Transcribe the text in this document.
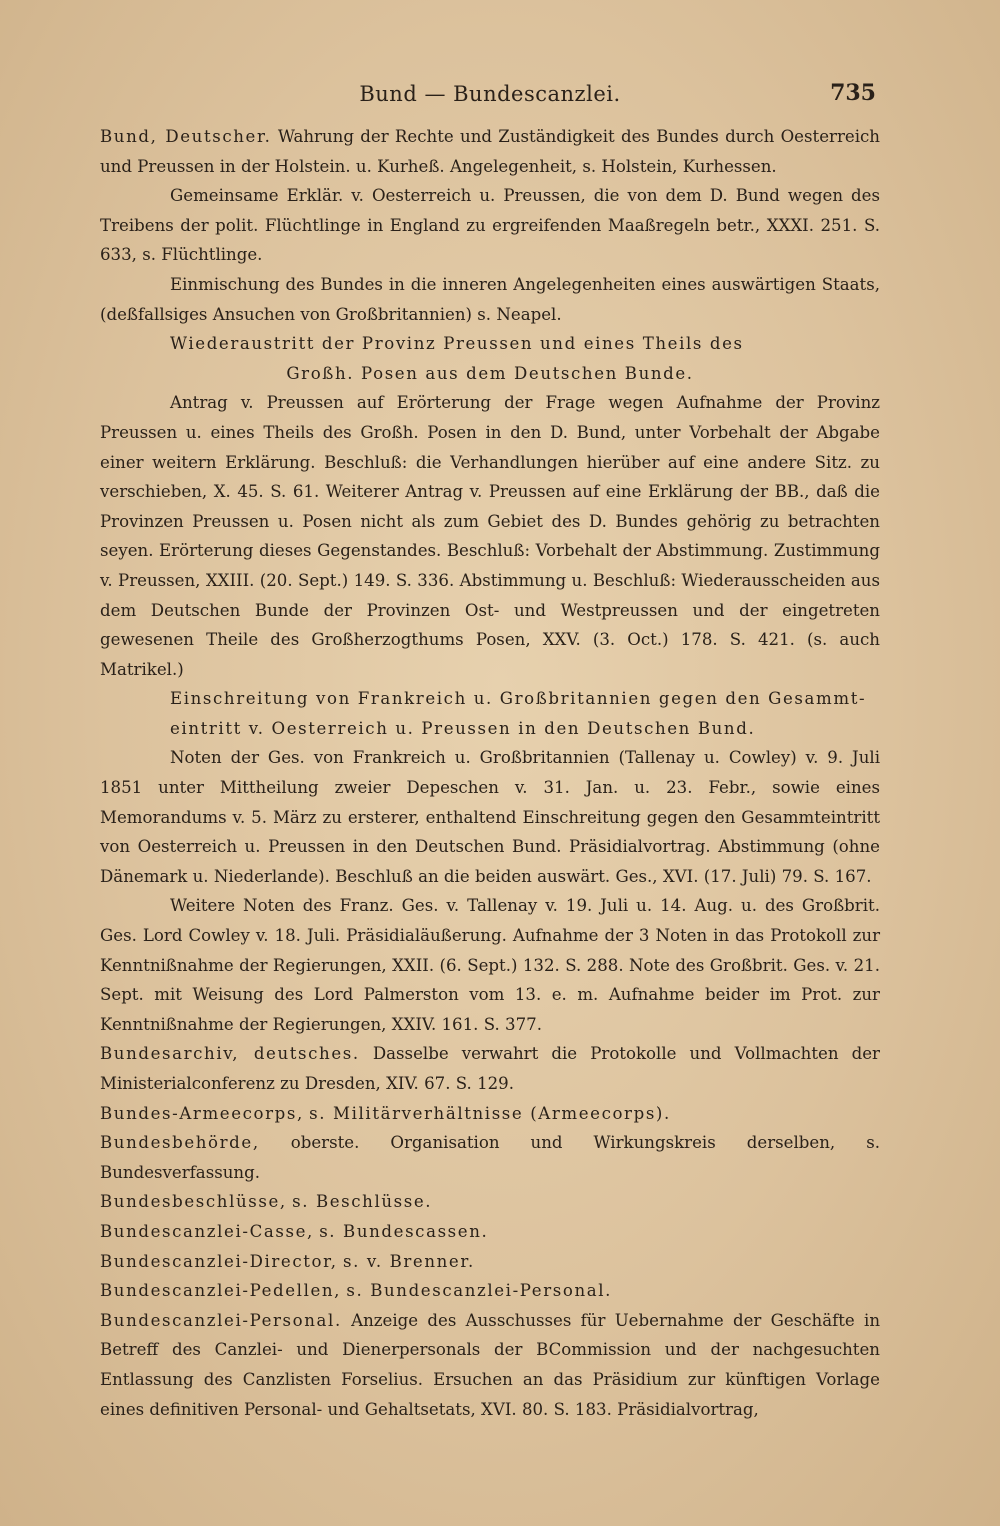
Bund — Bundescanzlei.	735
Bund, Deutscher. Wahrung der Rechte und Zuständigkeit des Bundes durch Oesterreich und Preussen in der Holstein. u. Kurheß. Angelegenheit, s. Holstein, Kurhessen.
Gemeinsame Erklär. v. Oesterreich u. Preussen, die von dem D. Bund wegen des Treibens der polit. Flüchtlinge in England zu ergreifenden Maaßregeln betr., XXXI. 251. S. 633, s. Flüchtlinge.
Einmischung des Bundes in die inneren Angelegenheiten eines auswärtigen Staats, (deßfallsiges Ansuchen von Großbritannien) s. Neapel.
Wiederaustritt der Provinz Preussen und eines Theils des
Großh. Posen aus dem Deutschen Bunde.
Antrag v. Preussen auf Erörterung der Frage wegen Aufnahme der Provinz Preussen u. eines Theils des Großh. Posen in den D. Bund, unter Vorbehalt der Abgabe einer weitern Erklärung. Beschluß: die Verhandlungen hierüber auf eine andere Sitz. zu verschieben, X. 45. S. 61. Weiterer Antrag v. Preussen auf eine Erklärung der BB., daß die Provinzen Preussen u. Posen nicht als zum Gebiet des D. Bundes gehörig zu betrachten seyen. Erörterung dieses Gegenstandes. Beschluß: Vorbehalt der Abstimmung. Zustimmung v. Preussen, XXIII. (20. Sept.) 149. S. 336. Abstimmung u. Beschluß: Wiederausscheiden aus dem Deutschen Bunde der Provinzen Ost- und Westpreussen und der eingetreten gewesenen Theile des Großherzogthums Posen, XXV. (3. Oct.) 178. S. 421. (s. auch Matrikel.)
Einschreitung von Frankreich u. Großbritannien gegen den Gesammt-
eintritt v. Oesterreich u. Preussen in den Deutschen Bund.
Noten der Ges. von Frankreich u. Großbritannien (Tallenay u. Cowley) v. 9. Juli 1851 unter Mittheilung zweier Depeschen v. 31. Jan. u. 23. Febr., sowie eines Memorandums v. 5. März zu ersterer, enthaltend Einschreitung gegen den Gesammteintritt von Oesterreich u. Preussen in den Deutschen Bund. Präsidialvortrag. Abstimmung (ohne Dänemark u. Niederlande). Beschluß an die beiden auswärt. Ges., XVI. (17. Juli) 79. S. 167.
Weitere Noten des Franz. Ges. v. Tallenay v. 19. Juli u. 14. Aug. u. des Großbrit. Ges. Lord Cowley v. 18. Juli. Präsidialäußerung. Aufnahme der 3 Noten in das Protokoll zur Kenntnißnahme der Regierungen, XXII. (6. Sept.) 132. S. 288. Note des Großbrit. Ges. v. 21. Sept. mit Weisung des Lord Palmerston vom 13. e. m. Aufnahme beider im Prot. zur Kenntnißnahme der Regierungen, XXIV. 161. S. 377.
Bundesarchiv, deutsches. Dasselbe verwahrt die Protokolle und Vollmachten der Ministerialconferenz zu Dresden, XIV. 67. S. 129.
Bundes-Armeecorps, s. Militärverhältnisse (Armeecorps).
Bundesbehörde, oberste. Organisation und Wirkungskreis derselben, s. Bundesverfassung.
Bundesbeschlüsse, s. Beschlüsse.
Bundescanzlei-Casse, s. Bundescassen.
Bundescanzlei-Director, s. v. Brenner.
Bundescanzlei-Pedellen, s. Bundescanzlei-Personal.
Bundescanzlei-Personal. Anzeige des Ausschusses für Uebernahme der Geschäfte in Betreff des Canzlei- und Dienerpersonals der BCommission und der nachgesuchten Entlassung des Canzlisten Forselius. Ersuchen an das Präsidium zur künftigen Vorlage eines definitiven Personal- und Gehaltsetats, XVI. 80. S. 183. Präsidialvortrag,
